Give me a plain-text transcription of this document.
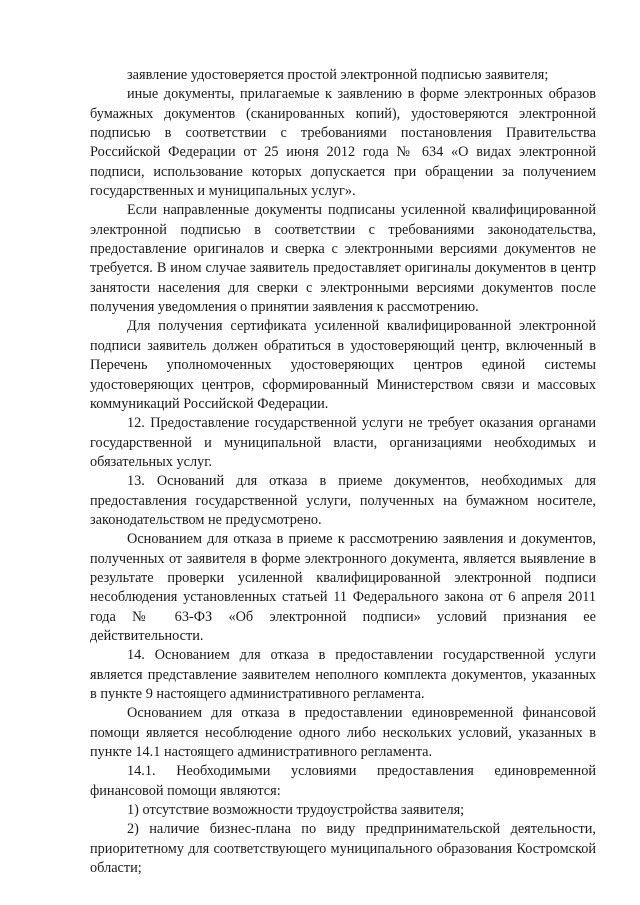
заявление удостоверяется простой электронной подписью заявителя;

иные документы, прилагаемые к заявлению в форме электронных образов бумажных документов (сканированных копий), удостоверяются электронной подписью в соответствии с требованиями постановления Правительства Российской Федерации от 25 июня 2012 года № 634 «О видах электронной подписи, использование которых допускается при обращении за получением государственных и муниципальных услуг».

Если направленные документы подписаны усиленной квалифицированной электронной подписью в соответствии с требованиями законодательства, предоставление оригиналов и сверка с электронными версиями документов не требуется. В ином случае заявитель предоставляет оригиналы документов в центр занятости населения для сверки с электронными версиями документов после получения уведомления о принятии заявления к рассмотрению.

Для получения сертификата усиленной квалифицированной электронной подписи заявитель должен обратиться в удостоверяющий центр, включенный в Перечень уполномоченных удостоверяющих центров единой системы удостоверяющих центров, сформированный Министерством связи и массовых коммуникаций Российской Федерации.

12. Предоставление государственной услуги не требует оказания органами государственной и муниципальной власти, организациями необходимых и обязательных услуг.

13. Оснований для отказа в приеме документов, необходимых для предоставления государственной услуги, полученных на бумажном носителе, законодательством не предусмотрено.

Основанием для отказа в приеме к рассмотрению заявления и документов, полученных от заявителя в форме электронного документа, является выявление в результате проверки усиленной квалифицированной электронной подписи несоблюдения установленных статьей 11 Федерального закона от 6 апреля 2011 года № 63-ФЗ «Об электронной подписи» условий признания ее действительности.

14. Основанием для отказа в предоставлении государственной услуги является представление заявителем неполного комплекта документов, указанных в пункте 9 настоящего административного регламента.

Основанием для отказа в предоставлении единовременной финансовой помощи является несоблюдение одного либо нескольких условий, указанных в пункте 14.1 настоящего административного регламента.

14.1. Необходимыми условиями предоставления единовременной финансовой помощи являются:

1) отсутствие возможности трудоустройства заявителя;

2) наличие бизнес-плана по виду предпринимательской деятельности, приоритетному для соответствующего муниципального образования Костромской области;
